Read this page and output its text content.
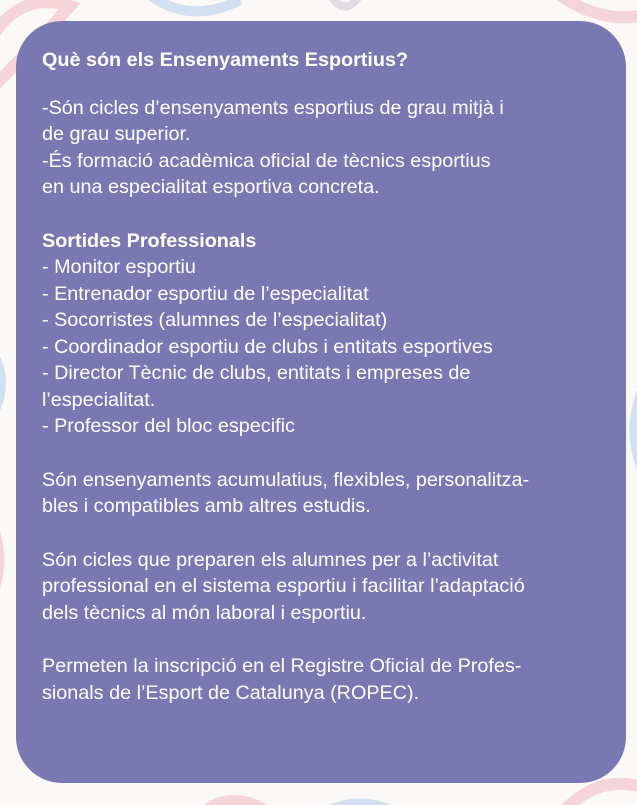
Què són els Ensenyaments Esportius?

-Són cicles d’ensenyaments esportius de grau mitjà i
de grau superior.
-És formació acadèmica oficial de tècnics esportius
en una especialitat esportiva concreta.

Sortides Professionals

- Monitor esportiu
- Entrenador esportiu de l’especialitat
- Socorristes (alumnes de l’especialitat)
- Coordinador esportiu de clubs i entitats esportives
- Director Tècnic de clubs, entitats i empreses de
l’especialitat.
- Professor del bloc especific

Són ensenyaments acumulatius, flexibles, personalitza-
bles i compatibles amb altres estudis.

Són cicles que preparen els alumnes per a l’activitat
professional en el sistema esportiu i facilitar l’adaptació
dels tècnics al món laboral i esportiu.

Permeten la inscripció en el Registre Oficial de Profes-
sionals de l’Esport de Catalunya (ROPEC).
